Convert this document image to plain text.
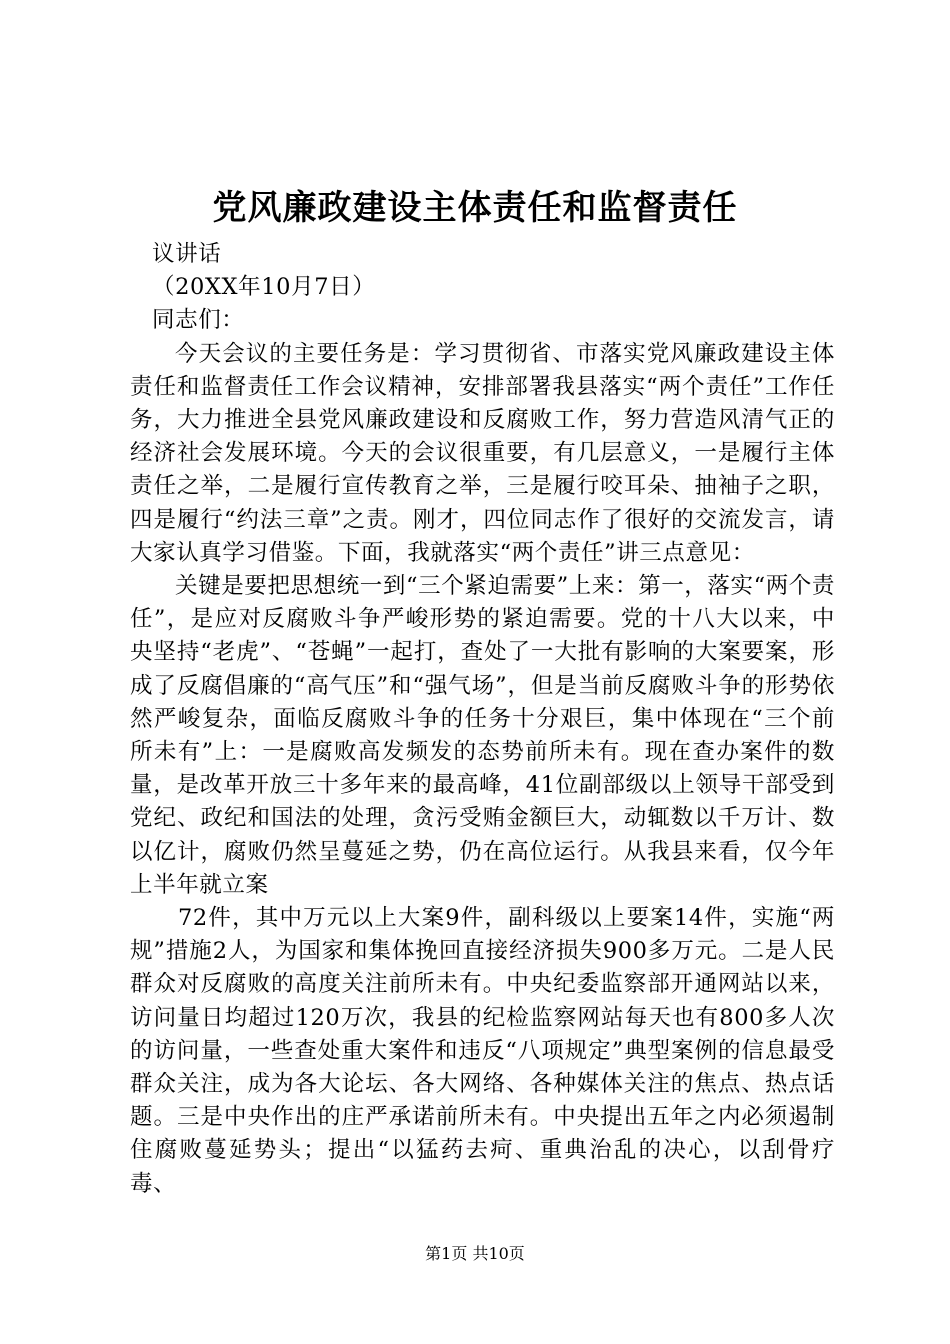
党风廉政建设主体责任和监督责任

议讲话

（20XX年10月7日）

同志们：

今天会议的主要任务是：学习贯彻省、市落实党风廉政建设主体责任和监督责任工作会议精神，安排部署我县落实“两个责任”工作任务，大力推进全县党风廉政建设和反腐败工作，努力营造风清气正的经济社会发展环境。今天的会议很重要，有几层意义，一是履行主体责任之举，二是履行宣传教育之举，三是履行咬耳朵、抽袖子之职，四是履行“约法三章”之责。刚才，四位同志作了很好的交流发言，请大家认真学习借鉴。下面，我就落实“两个责任”讲三点意见：

关键是要把思想统一到“三个紧迫需要”上来：第一，落实“两个责任”，是应对反腐败斗争严峻形势的紧迫需要。党的十八大以来，中央坚持“老虎”、“苍蝇”一起打，查处了一大批有影响的大案要案，形成了反腐倡廉的“高气压”和“强气场”，但是当前反腐败斗争的形势依然严峻复杂，面临反腐败斗争的任务十分艰巨，集中体现在“三个前所未有”上：一是腐败高发频发的态势前所未有。现在查办案件的数量，是改革开放三十多年来的最高峰，41位副部级以上领导干部受到党纪、政纪和国法的处理，贪污受贿金额巨大，动辄数以千万计、数以亿计，腐败仍然呈蔓延之势，仍在高位运行。从我县来看，仅今年上半年就立案

72件，其中万元以上大案9件，副科级以上要案14件，实施“两规”措施2人，为国家和集体挽回直接经济损失900多万元。二是人民群众对反腐败的高度关注前所未有。中央纪委监察部开通网站以来，访问量日均超过120万次，我县的纪检监察网站每天也有800多人次的访问量，一些查处重大案件和违反“八项规定”典型案例的信息最受群众关注，成为各大论坛、各大网络、各种媒体关注的焦点、热点话题。三是中央作出的庄严承诺前所未有。中央提出五年之内必须遏制住腐败蔓延势头；提出“以猛药去疴、重典治乱的决心，以刮骨疗毒、

第1页 共10页
